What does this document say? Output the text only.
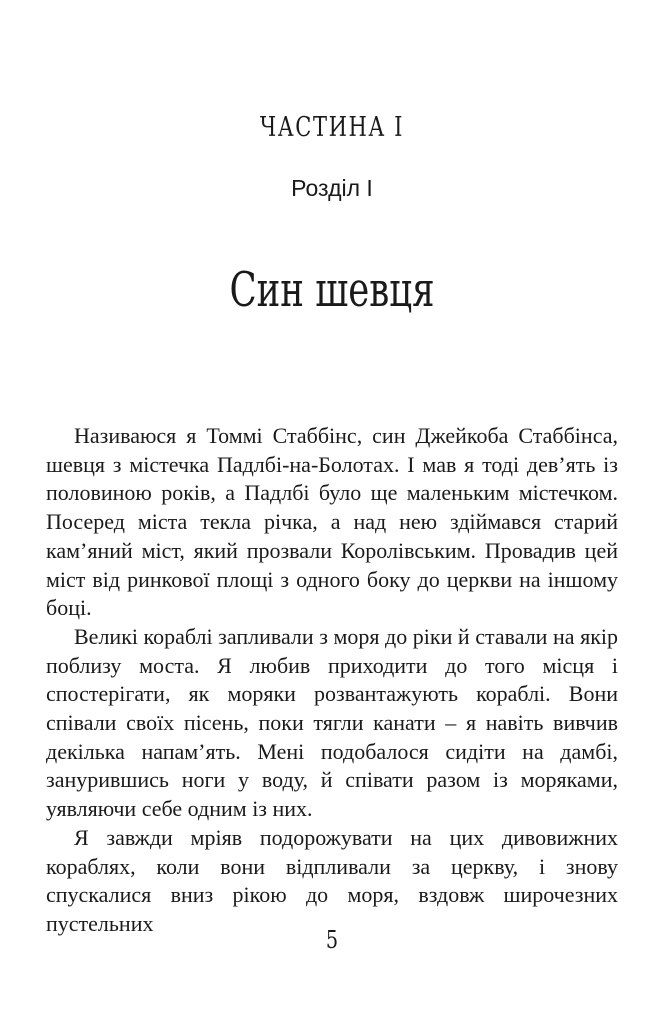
ЧАСТИНА I
Розділ I
Син шевця

Називаюся я Томмі Стаббінс, син Джейкоба Стаббінса, шевця з містечка Падлбі-на-Болотах. І мав я тоді дев’ять із половиною років, а Падлбі було ще маленьким містечком. Посеред міста текла річка, а над нею здіймався старий кам’яний міст, який прозвали Королівським. Провадив цей міст від ринкової площі з одного боку до церкви на іншому боці.

Великі кораблі запливали з моря до ріки й ставали на якір поблизу моста. Я любив приходити до того місця і спостерігати, як моряки розвантажують кораблі. Вони співали своїх пісень, поки тягли канати – я навіть вивчив декілька напам’ять. Мені подобалося сидіти на дамбі, занурившись ноги у воду, й співати разом із моряками, уявляючи себе одним із них.

Я завжди мріяв подорожувати на цих дивовижних кораблях, коли вони відпливали за церкву, і знову спускалися вниз рікою до моря, вздовж широчезних пустельних

5
